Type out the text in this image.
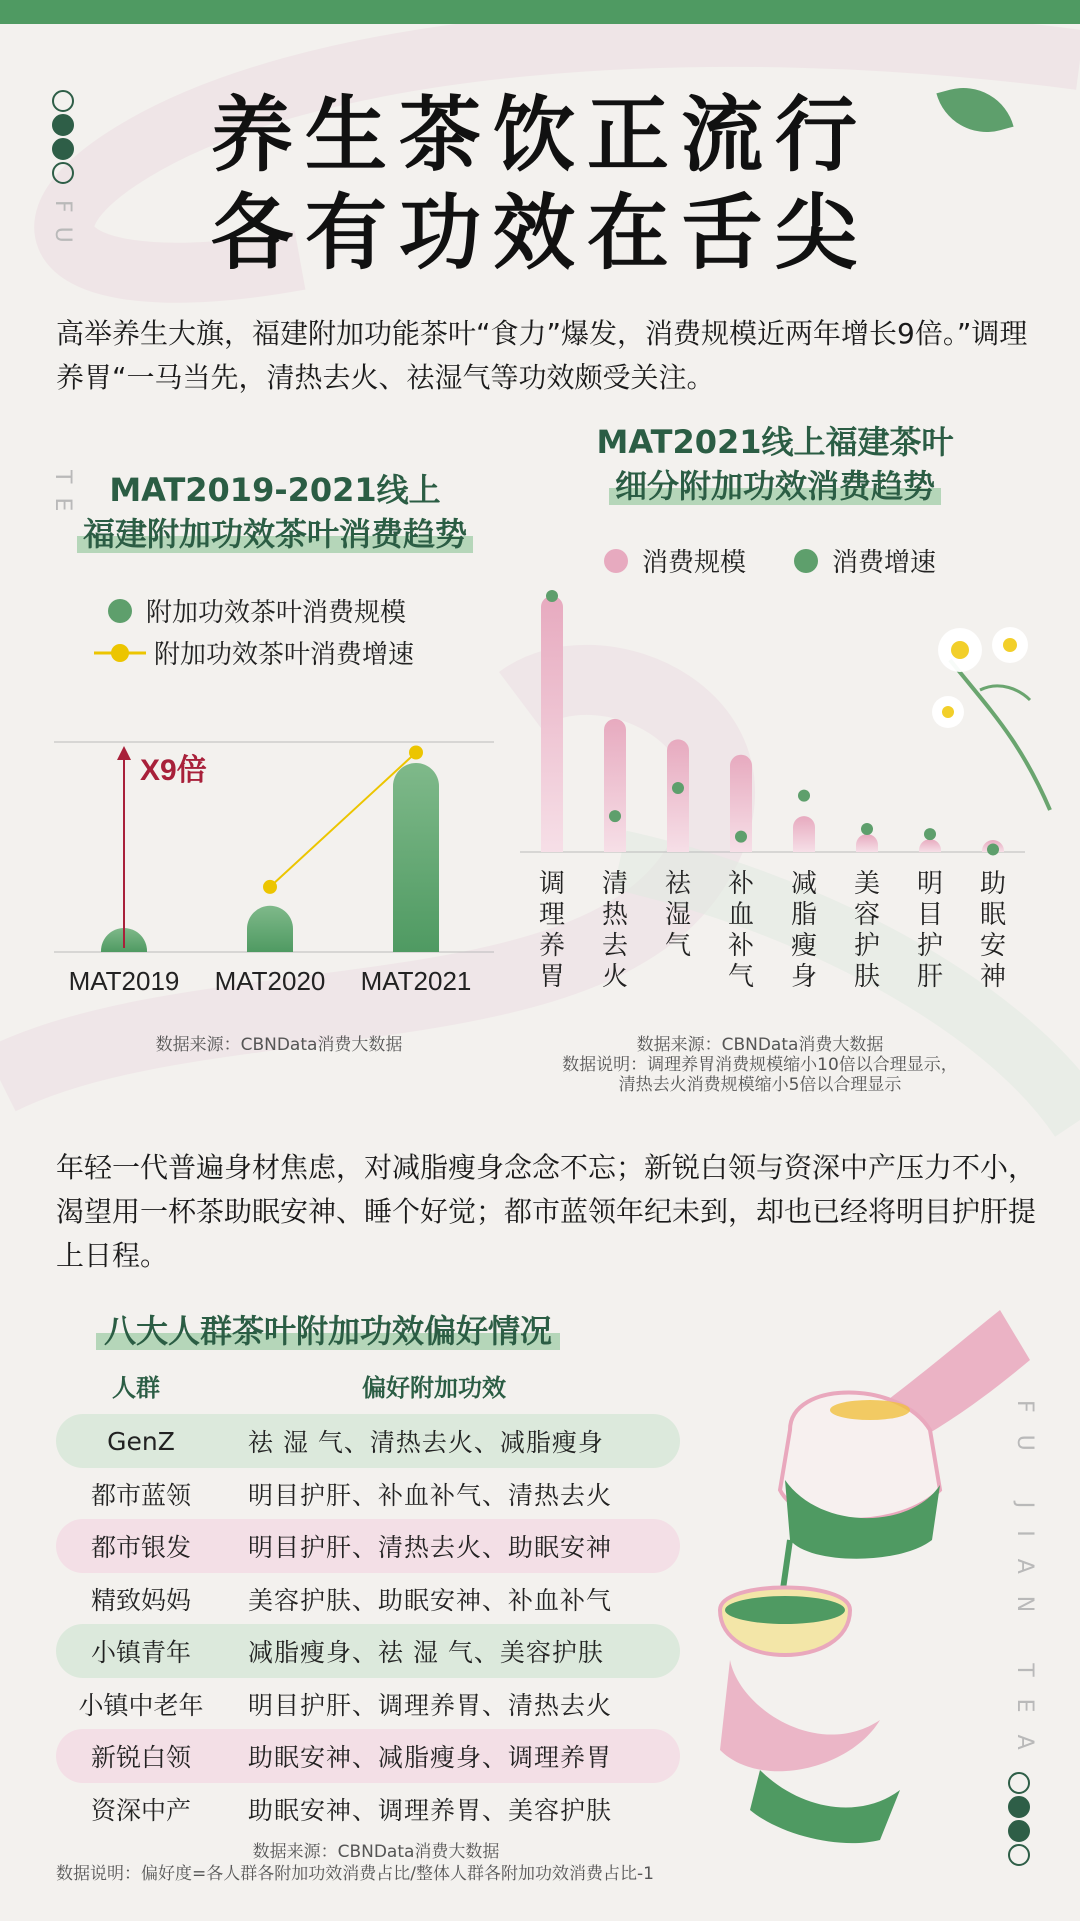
FU
TE
FU JIAN TEA
养生茶饮正流行
各有功效在舌尖
高举养生大旗，福建附加功能茶叶“食力”爆发，消费规模近两年增长9倍。”调理养胃“一马当先，清热去火、祛湿气等功效颇受关注。
MAT2019-2021线上
福建附加功效茶叶消费趋势
附加功效茶叶消费规模
附加功效茶叶消费增速
MAT2019 MAT2020 MAT2021
X9倍
数据来源：CBNData消费大数据
MAT2021线上福建茶叶
细分附加功效消费趋势
消费规模	消费增速
调理养胃
清热去火
祛湿气
补血补气
减脂瘦身
美容护肤
明目护肝
助眠安神
数据来源：CBNData消费大数据
数据说明：调理养胃消费规模缩小10倍以合理显示，
清热去火消费规模缩小5倍以合理显示
年轻一代普遍身材焦虑，对减脂瘦身念念不忘；新锐白领与资深中产压力不小，渴望用一杯茶助眠安神、睡个好觉；都市蓝领年纪未到，却也已经将明目护肝提上日程。
八大人群茶叶附加功效偏好情况
人群	偏好附加功效
GenZ	祛 湿 气、清热去火、减脂瘦身
都市蓝领	明目护肝、补血补气、清热去火
都市银发	明目护肝、清热去火、助眠安神
精致妈妈	美容护肤、助眠安神、补血补气
小镇青年	减脂瘦身、祛 湿 气、美容护肤
小镇中老年	明目护肝、调理养胃、清热去火
新锐白领	助眠安神、减脂瘦身、调理养胃
资深中产	助眠安神、调理养胃、美容护肤
数据来源：CBNData消费大数据
数据说明：偏好度=各人群各附加功效消费占比/整体人群各附加功效消费占比-1
